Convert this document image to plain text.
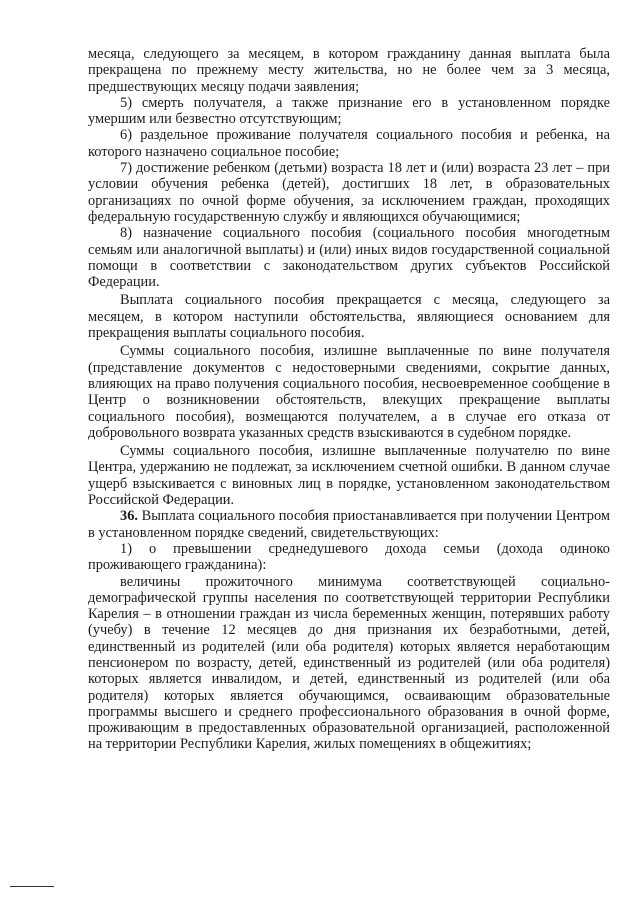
месяца, следующего за месяцем, в котором гражданину данная выплата была прекращена по прежнему месту жительства, но не более чем за 3 месяца, предшествующих месяцу подачи заявления;

5) смерть получателя, а также признание его в установленном порядке умершим или безвестно отсутствующим;

6) раздельное проживание получателя социального пособия и ребенка, на которого назначено социальное пособие;

7) достижение ребенком (детьми) возраста 18 лет и (или) возраста 23 лет – при условии обучения ребенка (детей), достигших 18 лет, в образовательных организациях по очной форме обучения, за исключением граждан, проходящих федеральную государственную службу и являющихся обучающимися;

8) назначение социального пособия (социального пособия многодетным семьям или аналогичной выплаты) и (или) иных видов государственной социальной помощи в соответствии с законодательством других субъектов Российской Федерации.

Выплата социального пособия прекращается с месяца, следующего за месяцем, в котором наступили обстоятельства, являющиеся основанием для прекращения выплаты социального пособия.

Суммы социального пособия, излишне выплаченные по вине получателя (представление документов с недостоверными сведениями, сокрытие данных, влияющих на право получения социального пособия, несвоевременное сообщение в Центр о возникновении обстоятельств, влекущих прекращение выплаты социального пособия), возмещаются получателем, а в случае его отказа от добровольного возврата указанных средств взыскиваются в судебном порядке.

Суммы социального пособия, излишне выплаченные получателю по вине Центра, удержанию не подлежат, за исключением счетной ошибки. В данном случае ущерб взыскивается с виновных лиц в порядке, установленном законодательством Российской Федерации.

36. Выплата социального пособия приостанавливается при получении Центром в установленном порядке сведений, свидетельствующих:

1) о превышении среднедушевого дохода семьи (дохода одиноко проживающего гражданина):

величины прожиточного минимума соответствующей социально-демографической группы населения по соответствующей территории Республики Карелия – в отношении граждан из числа беременных женщин, потерявших работу (учебу) в течение 12 месяцев до дня признания их безработными, детей, единственный из родителей (или оба родителя) которых является неработающим пенсионером по возрасту, детей, единственный из родителей (или оба родителя) которых является инвалидом, и детей, единственный из родителей (или оба родителя) которых является обучающимся, осваивающим образовательные программы высшего и среднего профессионального образования в очной форме, проживающим в предоставленных образовательной организацией, расположенной на территории Республики Карелия, жилых помещениях в общежитиях;
